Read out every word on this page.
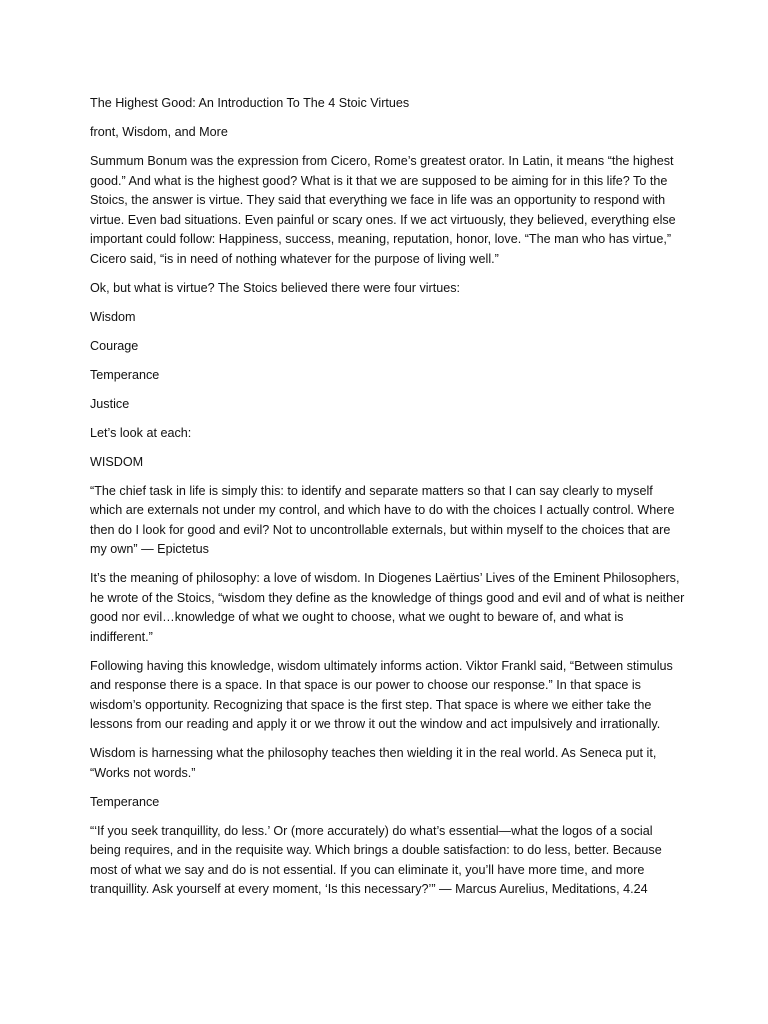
The Highest Good: An Introduction To The 4 Stoic Virtues

front, Wisdom, and More

Summum Bonum was the expression from Cicero, Rome’s greatest orator. In Latin, it means “the highest good.” And what is the highest good? What is it that we are supposed to be aiming for in this life? To the Stoics, the answer is virtue. They said that everything we face in life was an opportunity to respond with virtue. Even bad situations. Even painful or scary ones. If we act virtuously, they believed, everything else important could follow: Happiness, success, meaning, reputation, honor, love. “The man who has virtue,” Cicero said, “is in need of nothing whatever for the purpose of living well.”

Ok, but what is virtue? The Stoics believed there were four virtues:

Wisdom

Courage

Temperance

Justice

Let’s look at each:

WISDOM

“The chief task in life is simply this: to identify and separate matters so that I can say clearly to myself which are externals not under my control, and which have to do with the choices I actually control. Where then do I look for good and evil? Not to uncontrollable externals, but within myself to the choices that are my own” — Epictetus

It’s the meaning of philosophy: a love of wisdom. In Diogenes Laërtius’ Lives of the Eminent Philosophers, he wrote of the Stoics, “wisdom they define as the knowledge of things good and evil and of what is neither good nor evil…knowledge of what we ought to choose, what we ought to beware of, and what is indifferent.”

Following having this knowledge, wisdom ultimately informs action. Viktor Frankl said, “Between stimulus and response there is a space. In that space is our power to choose our response.” In that space is wisdom’s opportunity. Recognizing that space is the first step. That space is where we either take the lessons from our reading and apply it or we throw it out the window and act impulsively and irrationally.

Wisdom is harnessing what the philosophy teaches then wielding it in the real world. As Seneca put it, “Works not words.”

Temperance

“‘If you seek tranquillity, do less.’ Or (more accurately) do what’s essential—what the logos of a social being requires, and in the requisite way. Which brings a double satisfaction: to do less, better. Because most of what we say and do is not essential. If you can eliminate it, you’ll have more time, and more tranquillity. Ask yourself at every moment, ‘Is this necessary?’” — Marcus Aurelius, Meditations, 4.24
